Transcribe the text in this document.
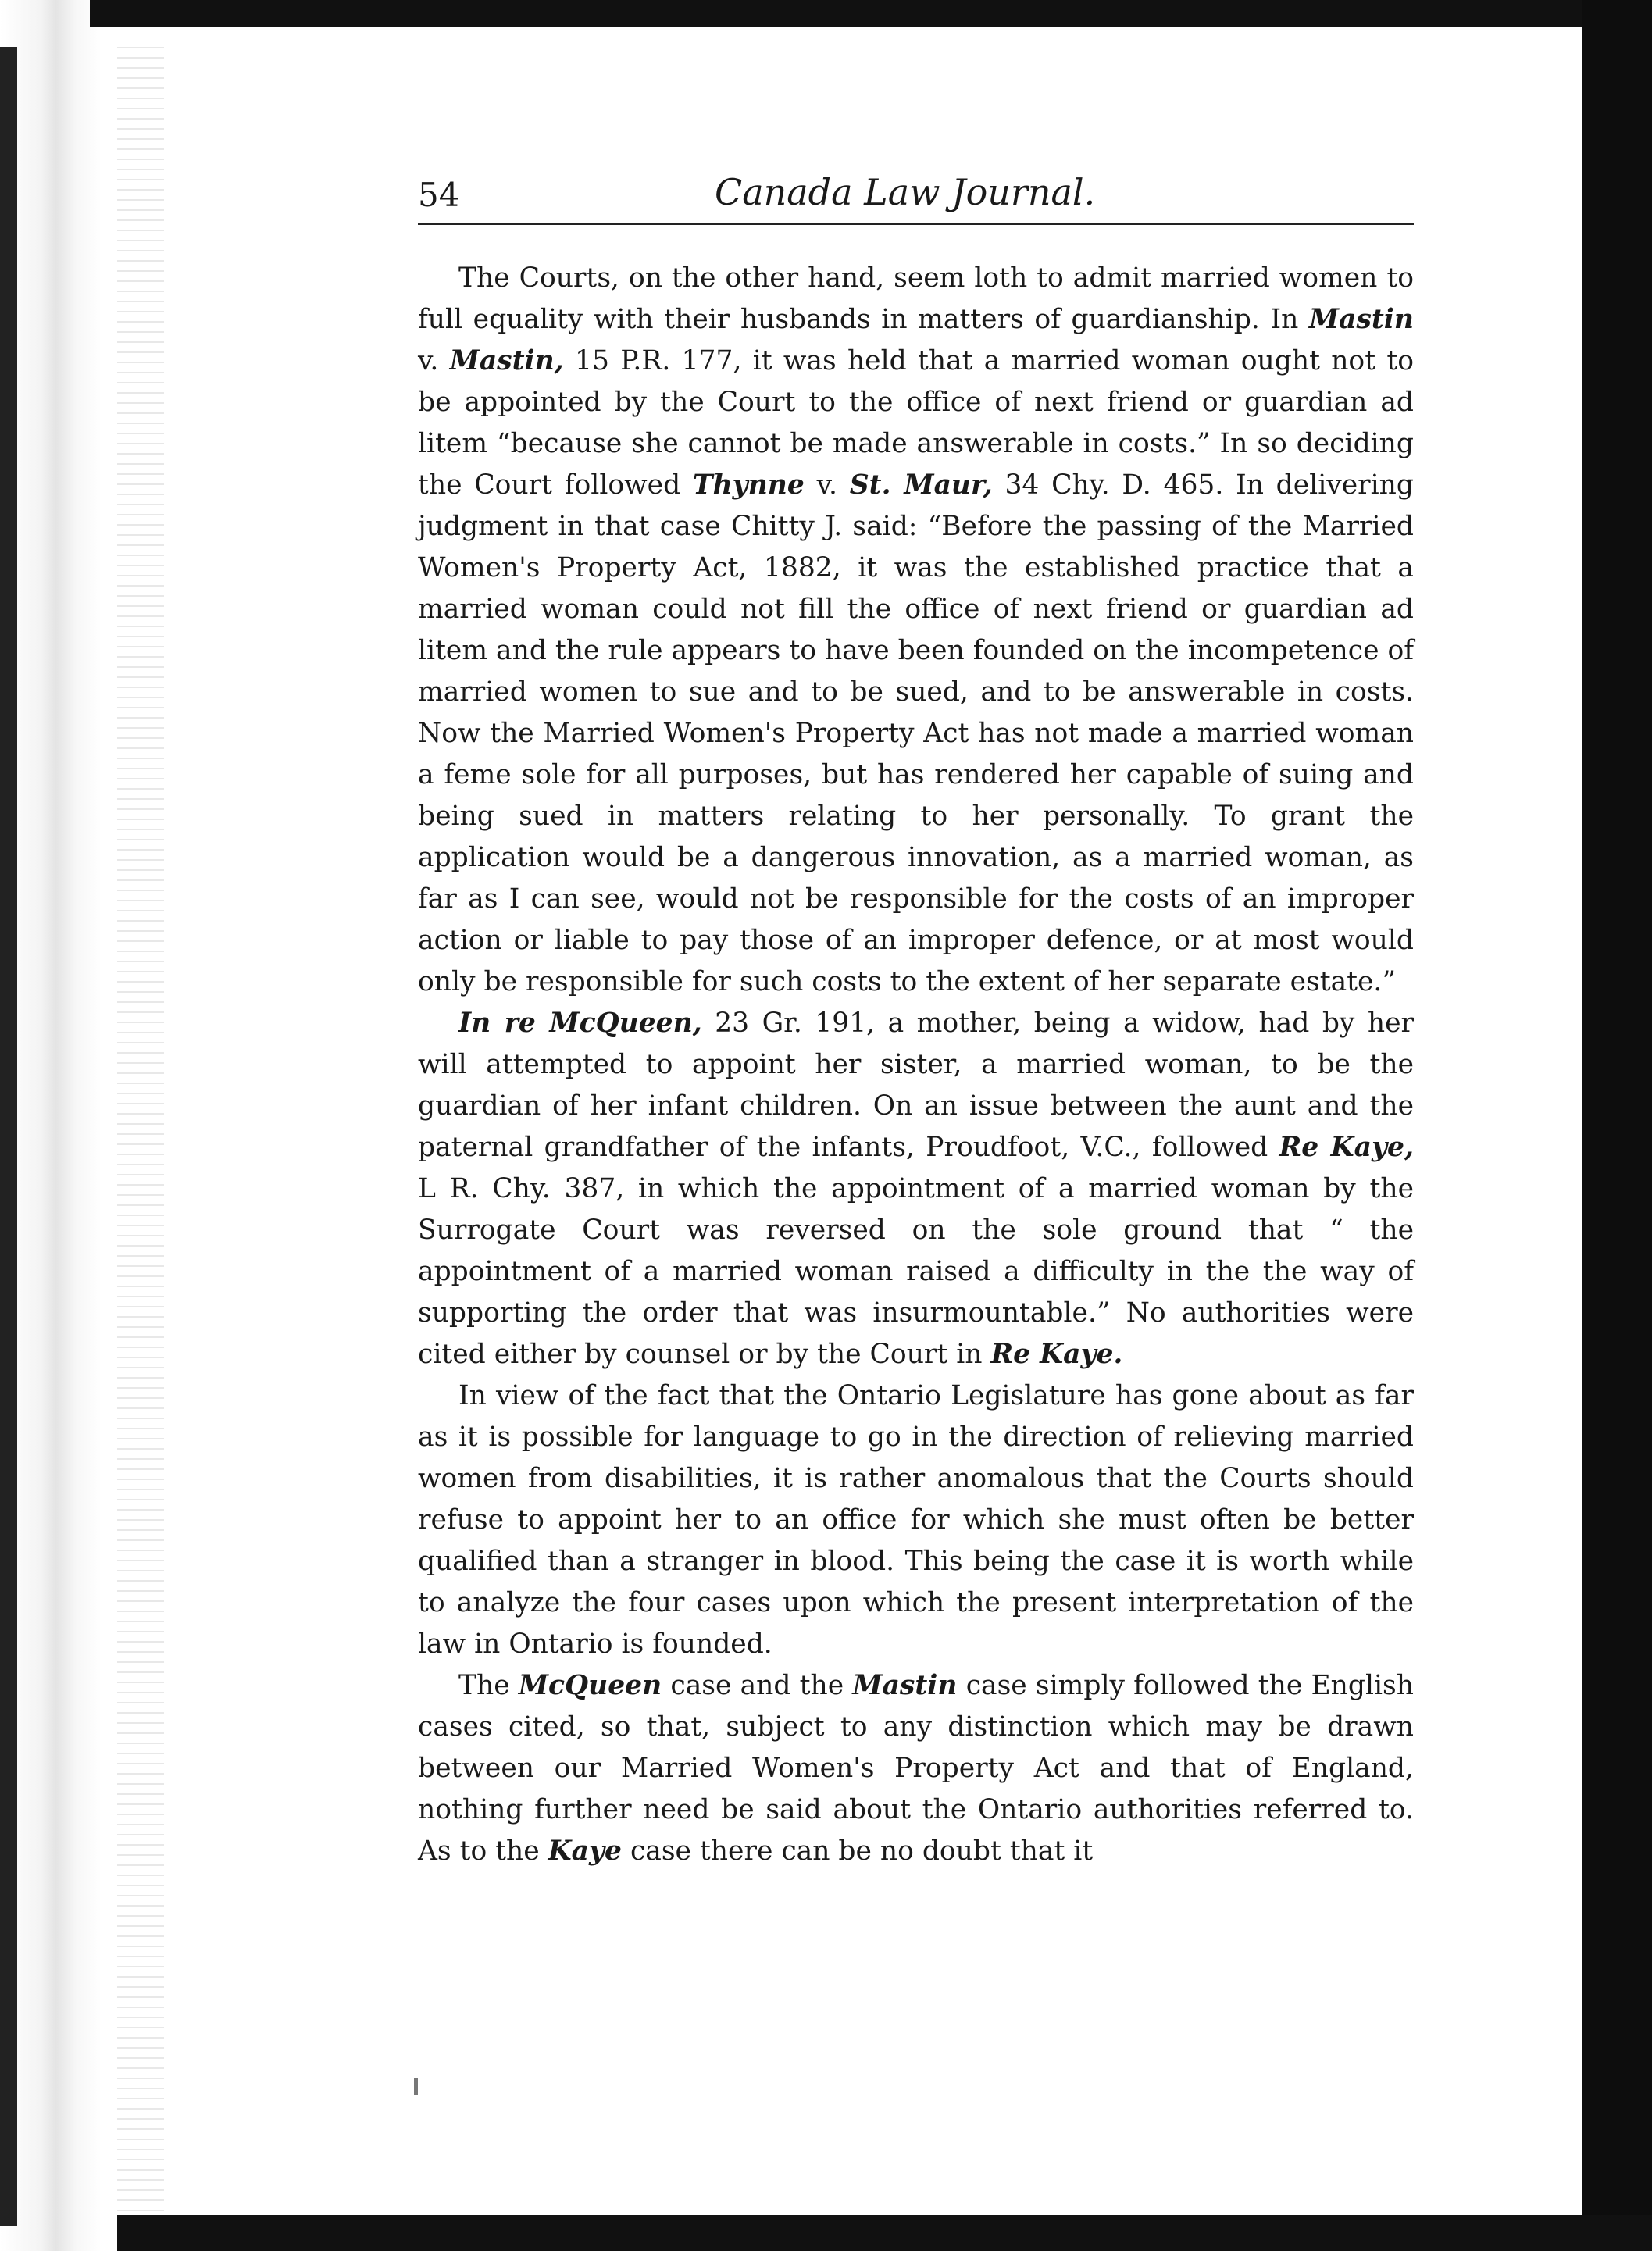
54	Canada Law Journal.

The Courts, on the other hand, seem loth to admit married women to full equality with their husbands in matters of guardianship. In Mastin v. Mastin, 15 P.R. 177, it was held that a married woman ought not to be appointed by the Court to the office of next friend or guardian ad litem “because she cannot be made answerable in costs.” In so deciding the Court followed Thynne v. St. Maur, 34 Chy. D. 465. In delivering judgment in that case Chitty J. said: “Before the passing of the Married Women's Property Act, 1882, it was the established practice that a married woman could not fill the office of next friend or guardian ad litem and the rule appears to have been founded on the incompetence of married women to sue and to be sued, and to be answerable in costs. Now the Married Women's Property Act has not made a married woman a feme sole for all purposes, but has rendered her capable of suing and being sued in matters relating to her personally. To grant the application would be a dangerous innovation, as a married woman, as far as I can see, would not be responsible for the costs of an improper action or liable to pay those of an improper defence, or at most would only be responsible for such costs to the extent of her separate estate.”

In re McQueen, 23 Gr. 191, a mother, being a widow, had by her will attempted to appoint her sister, a married woman, to be the guardian of her infant children. On an issue between the aunt and the paternal grandfather of the infants, Proudfoot, V.C., followed Re Kaye, L R. Chy. 387, in which the appointment of a married woman by the Surrogate Court was reversed on the sole ground that “ the appointment of a married woman raised a difficulty in the the way of supporting the order that was insurmountable.” No authorities were cited either by counsel or by the Court in Re Kaye.

In view of the fact that the Ontario Legislature has gone about as far as it is possible for language to go in the direction of relieving married women from disabilities, it is rather anomalous that the Courts should refuse to appoint her to an office for which she must often be better qualified than a stranger in blood. This being the case it is worth while to analyze the four cases upon which the present interpretation of the law in Ontario is founded.

The McQueen case and the Mastin case simply followed the English cases cited, so that, subject to any distinction which may be drawn between our Married Women's Property Act and that of England, nothing further need be said about the Ontario authorities referred to. As to the Kaye case there can be no doubt that it
